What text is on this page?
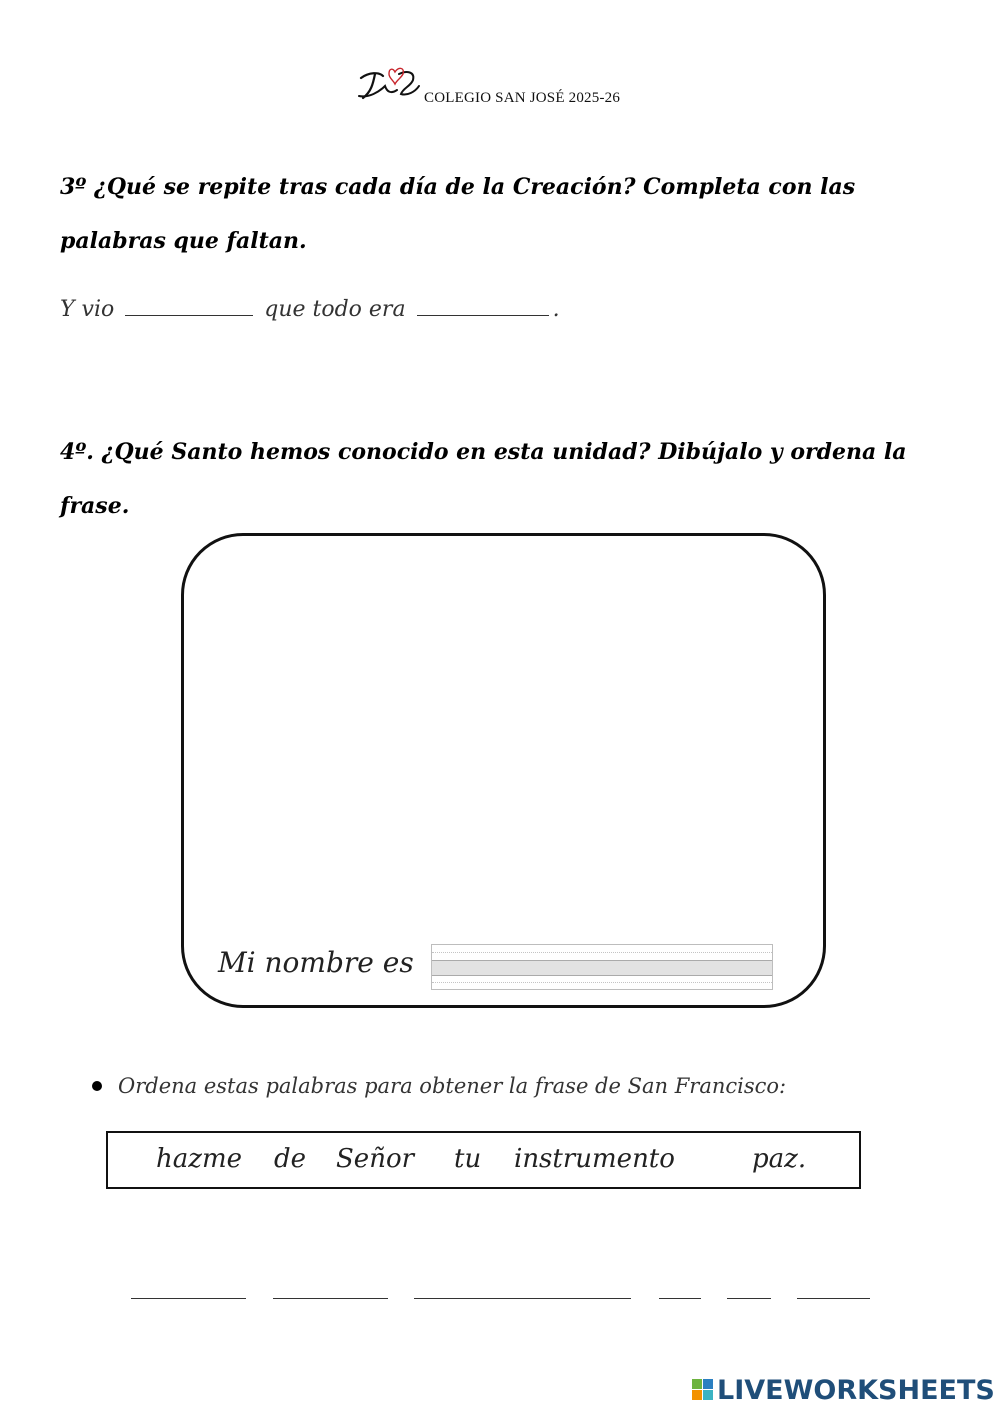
COLEGIO SAN JOSÉ 2025-26
3º ¿Qué se repite tras cada día de la Creación? Completa con las palabras que faltan.
Y vio	que todo era	.
4º. ¿Qué Santo hemos conocido en esta unidad? Dibújalo y ordena la frase.
Mi nombre es
Ordena estas palabras para obtener la frase de San Francisco:
hazme de Señor tu instrumento	paz.
LIVEWORKSHEETS
